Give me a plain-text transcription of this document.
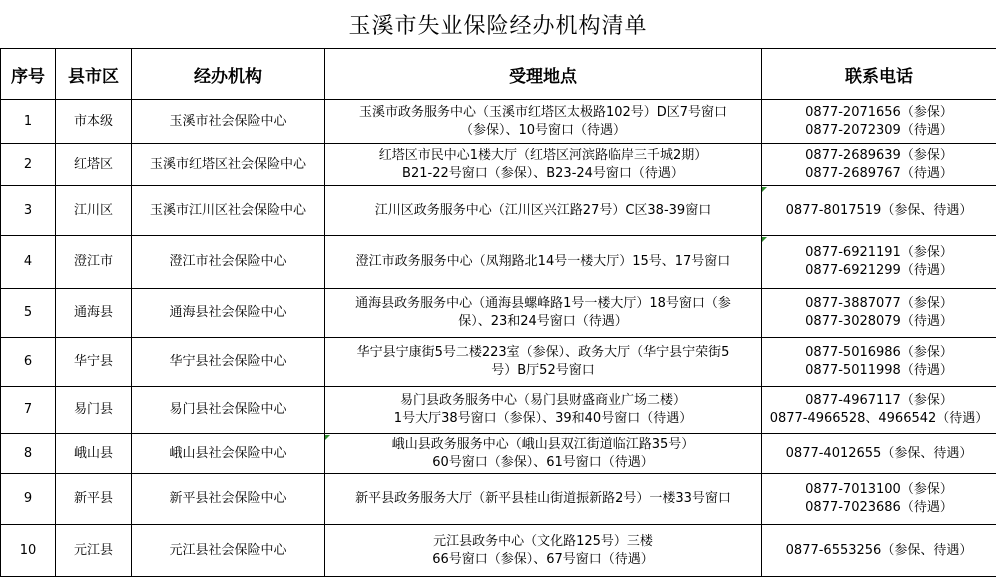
玉溪市失业保险经办机构清单
序号	县市区	经办机构	受理地点	联系电话
1	市本级	玉溪市社会保险中心	玉溪市政务服务中心（玉溪市红塔区太极路102号）D区7号窗口
（参保）、10号窗口（待遇）	0877-2071656（参保）
0877-2072309（待遇）

2	红塔区	玉溪市红塔区社会保险中心	红塔区市民中心1楼大厅（红塔区河滨路临岸三千城2期）
B21-22号窗口（参保）、B23-24号窗口（待遇）	0877-2689639（参保）
0877-2689767（待遇）

3	江川区	玉溪市江川区社会保险中心	江川区政务服务中心（江川区兴江路27号）C区38-39窗口	0877-8017519（参保、待遇）

4	澄江市	澄江市社会保险中心	澄江市政务服务中心（凤翔路北14号一楼大厅）15号、17号窗口	0877-6921191（参保）
0877-6921299（待遇）

5	通海县	通海县社会保险中心	通海县政务服务中心（通海县螺峰路1号一楼大厅）18号窗口（参
保）、23和24号窗口（待遇）	0877-3887077（参保）
0877-3028079（待遇）

6	华宁县	华宁县社会保险中心	华宁县宁康街5号二楼223室（参保）、政务大厅（华宁县宁荣街5
号）B厅52号窗口	0877-5016986（参保）
0877-5011998（待遇）

7	易门县	易门县社会保险中心	易门县政务服务中心（易门县财盛商业广场二楼）
1号大厅38号窗口（参保）、39和40号窗口（待遇）	0877-4967117（参保）
0877-4966528、4966542（待遇）

8	峨山县	峨山县社会保险中心	峨山县政务服务中心（峨山县双江街道临江路35号）
60号窗口（参保）、61号窗口（待遇）	0877-4012655（参保、待遇）

9	新平县	新平县社会保险中心	新平县政务服务大厅（新平县桂山街道振新路2号）一楼33号窗口	0877-7013100（参保）
0877-7023686（待遇）

10	元江县	元江县社会保险中心	元江县政务中心（文化路125号）三楼
66号窗口（参保）、67号窗口（待遇）	0877-6553256（参保、待遇）
